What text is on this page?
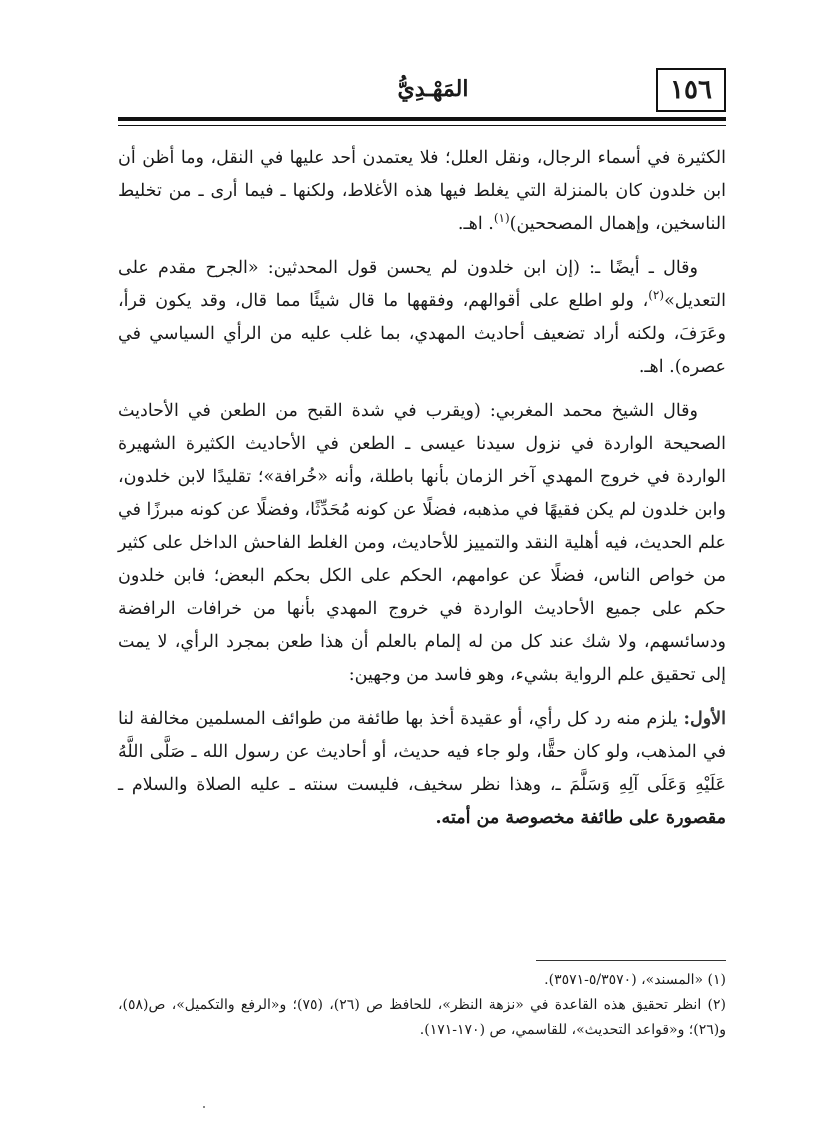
١٥٦
المَهْـدِيُّ

الكثيرة في أسماء الرجال، ونقل العلل؛ فلا يعتمدن أحد عليها في النقل، وما أظن أن ابن خلدون كان بالمنزلة التي يغلط فيها هذه الأغلاط، ولكنها ـ فيما أرى ـ من تخليط الناسخين، وإهمال المصححين)$^{(١)}$. اهـ.

وقال ـ أيضًا ـ: (إن ابن خلدون لم يحسن قول المحدثين: «الجرح مقدم على التعديل»$^{(٢)}$، ولو اطلع على أقوالهم، وفقهها ما قال شيئًا مما قال، وقد يكون قرأ، وعَرَفَ، ولكنه أراد تضعيف أحاديث المهدي، بما غلب عليه من الرأي السياسي في عصره). اهـ.

وقال الشيخ محمد المغربي: (ويقرب في شدة القبح من الطعن في الأحاديث الصحيحة الواردة في نزول سيدنا عيسى ـ الطعن في الأحاديث الكثيرة الشهيرة الواردة في خروج المهدي آخر الزمان بأنها باطلة، وأنه «خُرافة»؛ تقليدًا لابن خلدون، وابن خلدون لم يكن فقيهًا في مذهبه، فضلًا عن كونه مُحَدِّثًا، وفضلًا عن كونه مبرزًا في علم الحديث، فيه أهلية النقد والتمييز للأحاديث، ومن الغلط الفاحش الداخل على كثير من خواص الناس، فضلًا عن عوامهم، الحكم على الكل بحكم البعض؛ فابن خلدون حكم على جميع الأحاديث الواردة في خروج المهدي بأنها من خرافات الرافضة ودسائسهم، ولا شك عند كل من له إلمام بالعلم أن هذا طعن بمجرد الرأي، لا يمت إلى تحقيق علم الرواية بشيء، وهو فاسد من وجهين:

الأول: يلزم منه رد كل رأي، أو عقيدة أخذ بها طائفة من طوائف المسلمين مخالفة لنا في المذهب، ولو كان حقًّا، ولو جاء فيه حديث، أو أحاديث عن رسول الله ـ صَلَّى اللَّهُ عَلَيْهِ وَعَلَى آلِهِ وَسَلَّمَ ـ، وهذا نظر سخيف، فليست سنته ـ عليه الصلاة والسلام ـ مقصورة على طائفة مخصوصة من أمته.

(١) «المسند»، (٥/٣٥٧٠-٣٥٧١).

(٢) انظر تحقيق هذه القاعدة في «نزهة النظر»، للحافظ ص (٢٦)، (٧٥)؛ و«الرفع والتكميل»، ص(٥٨)، و(٢٦)؛ و«قواعد التحديث»، للقاسمي، ص (١٧٠-١٧١).
